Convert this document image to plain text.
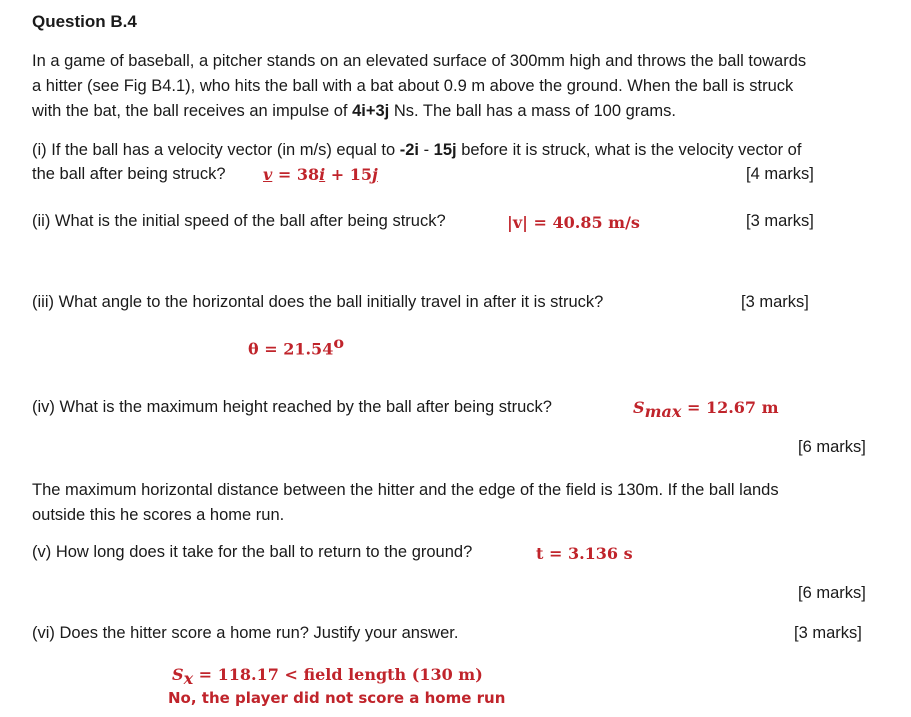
Question B.4
In a game of baseball, a pitcher stands on an elevated surface of 300mm high and throws the ball towards
a hitter (see Fig B4.1), who hits the ball with a bat about 0.9 m above the ground. When the ball is struck
with the bat, the ball receives an impulse of 4i+3j Ns. The ball has a mass of 100 grams.
(i) If the ball has a velocity vector (in m/s) equal to -2i - 15j before it is struck, what is the velocity vector of
the ball after being struck? v = 38i + 15j	[4 marks]
(ii) What is the initial speed of the ball after being struck?	|v| = 40.85 m/s	[3 marks]
(iii) What angle to the horizontal does the ball initially travel in after it is struck?	[3 marks]
$\theta = 21.54^o$
(iv) What is the maximum height reached by the ball after being struck?	$S_{max} = 12.67$ m
[6 marks]
The maximum horizontal distance between the hitter and the edge of the field is 130m. If the ball lands
outside this he scores a home run.
(v) How long does it take for the ball to return to the ground?	t = 3.136 s
[6 marks]
(vi) Does the hitter score a home run? Justify your answer.	[3 marks]
$S_x = 118.17$ < field length (130 m)
No, the player did not score a home run
